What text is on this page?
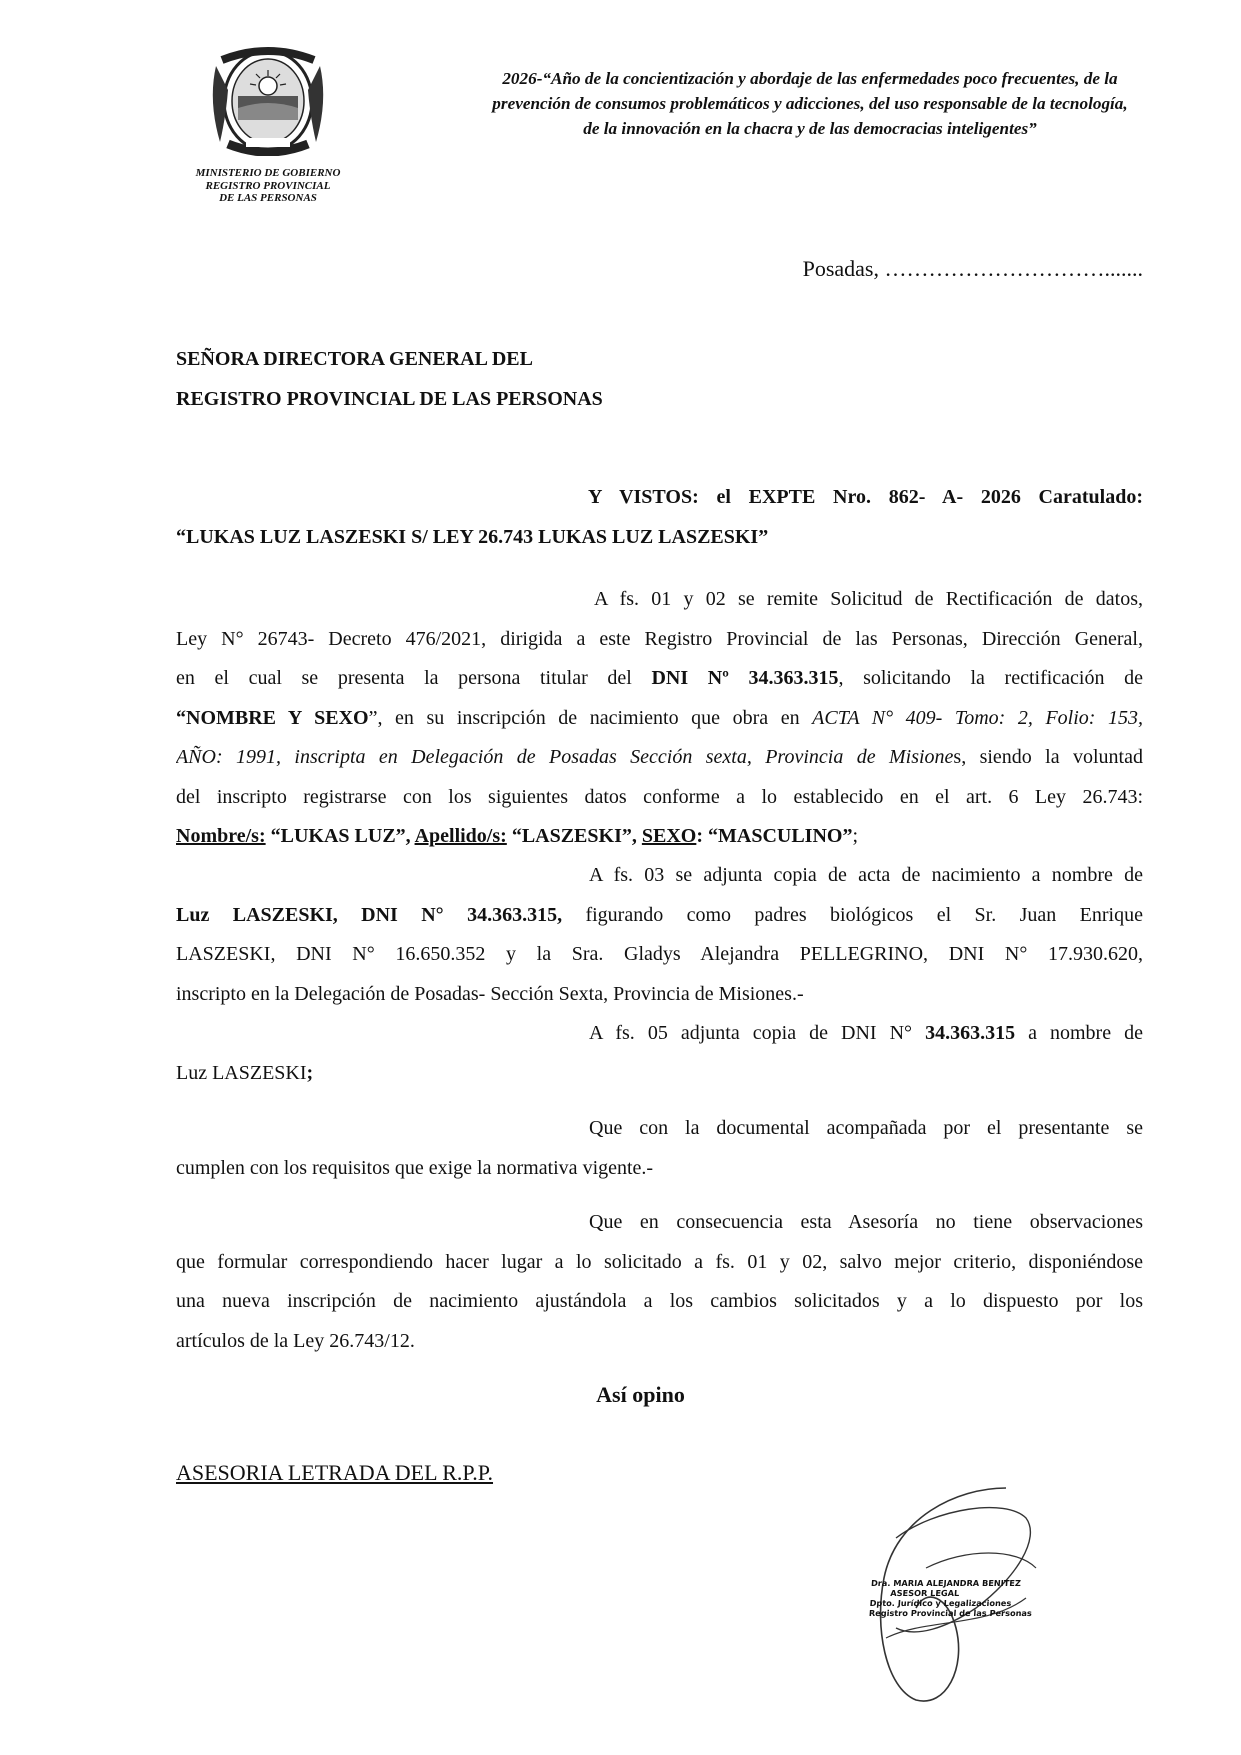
MINISTERIO DE GOBIERNO
REGISTRO PROVINCIAL
DE LAS PERSONAS
2026-“Año de la concientización y abordaje de las enfermedades poco frecuentes, de la
prevención de consumos problemáticos y adicciones, del uso responsable de la tecnología,
de la innovación en la chacra y de las democracias inteligentes”
Posadas, ………………………….......
SEÑORA DIRECTORA GENERAL DEL
REGISTRO PROVINCIAL DE LAS PERSONAS
Y VISTOS: el EXPTE Nro. 862- A- 2026 Caratulado:
“LUKAS LUZ LASZESKI S/ LEY 26.743 LUKAS LUZ LASZESKI”
A fs. 01 y 02 se remite Solicitud de Rectificación de datos,
Ley N° 26743- Decreto 476/2021, dirigida a este Registro Provincial de las Personas, Dirección General,
en el cual se presenta la persona titular del DNI Nº 34.363.315, solicitando la rectificación de
“NOMBRE Y SEXO”, en su inscripción de nacimiento que obra en ACTA N° 409- Tomo: 2, Folio: 153,
AÑO: 1991, inscripta en Delegación de Posadas Sección sexta, Provincia de Misiones, siendo la voluntad
del inscripto registrarse con los siguientes datos conforme a lo establecido en el art. 6 Ley 26.743:
Nombre/s: “LUKAS LUZ”, Apellido/s: “LASZESKI”, SEXO: “MASCULINO”;
A fs. 03 se adjunta copia de acta de nacimiento a nombre de
Luz LASZESKI, DNI N° 34.363.315, figurando como padres biológicos el Sr. Juan Enrique
LASZESKI, DNI N° 16.650.352 y la Sra. Gladys Alejandra PELLEGRINO, DNI N° 17.930.620,
inscripto en la Delegación de Posadas- Sección Sexta, Provincia de Misiones.-
A fs. 05 adjunta copia de DNI N° 34.363.315 a nombre de
Luz LASZESKI;
Que con la documental acompañada por el presentante se
cumplen con los requisitos que exige la normativa vigente.-
Que en consecuencia esta Asesoría no tiene observaciones
que formular correspondiendo hacer lugar a lo solicitado a fs. 01 y 02, salvo mejor criterio, disponiéndose
una nueva inscripción de nacimiento ajustándola a los cambios solicitados y a lo dispuesto por los
artículos de la Ley 26.743/12.
Así opino
ASESORIA LETRADA DEL R.P.P.
Dra. MARIA ALEJANDRA BENITEZ
ASESOR LEGAL
Dpto. Jurídico y Legalizaciones
Registro Provincial de las Personas
